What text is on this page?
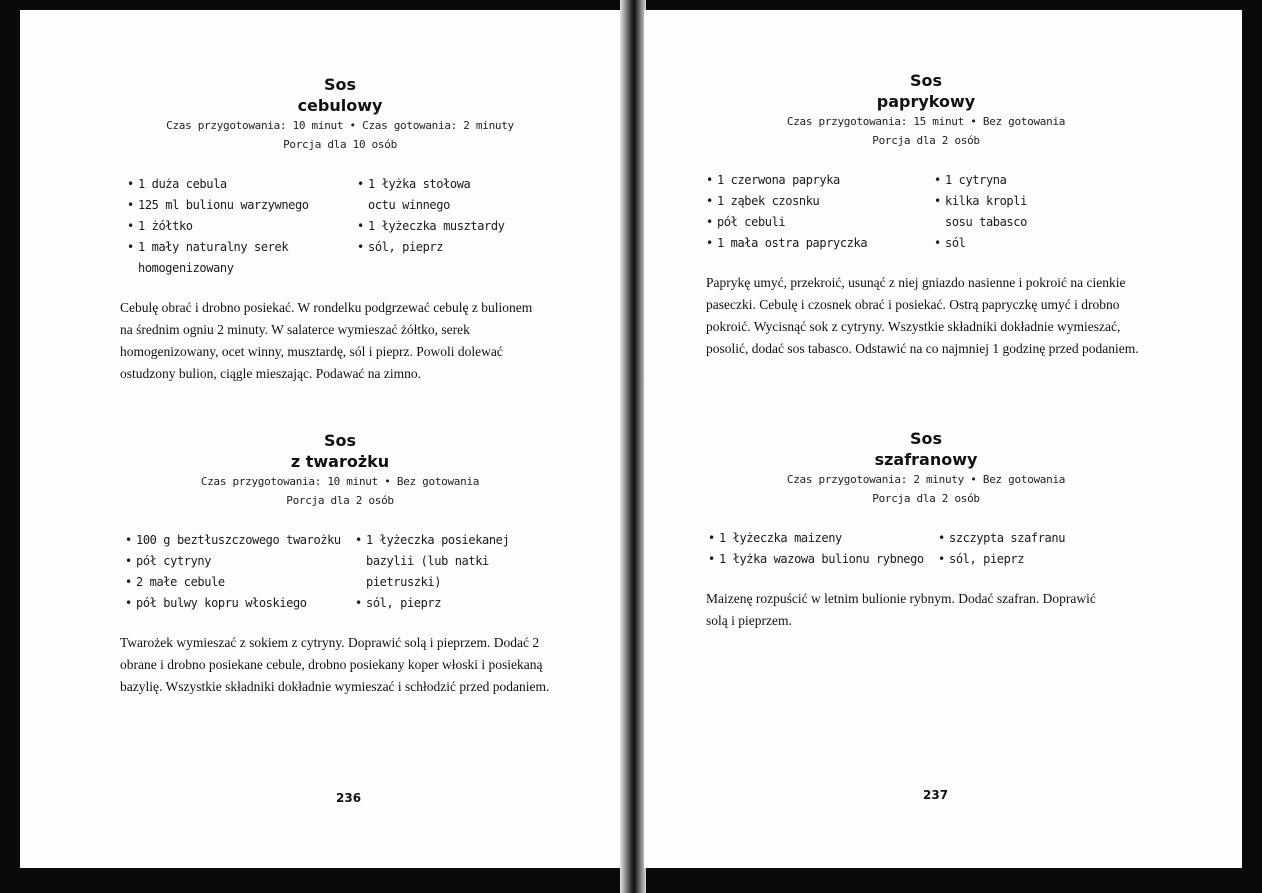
Sos
cebulowy
Czas przygotowania: 10 minut • Czas gotowania: 2 minuty
Porcja dla 10 osób
• 1 duża cebula
• 125 ml bulionu warzywnego
• 1 żółtko
• 1 mały naturalny serek homogenizowany
• 1 łyżka stołowa octu winnego
• 1 łyżeczka musztardy
• sól, pieprz
Cebulę obrać i drobno posiekać. W rondelku podgrzewać cebulę z bulionem na średnim ogniu 2 minuty. W salaterce wymieszać żółtko, serek homogenizowany, ocet winny, musztardę, sól i pieprz. Powoli dolewać ostudzony bulion, ciągle mieszając. Podawać na zimno.
Sos
z twarożku
Czas przygotowania: 10 minut • Bez gotowania
Porcja dla 2 osób
• 100 g beztłuszczowego twarożku
• pół cytryny
• 2 małe cebule
• pół bulwy kopru włoskiego
• 1 łyżeczka posiekanej bazylii (lub natki pietruszki)
• sól, pieprz
Twarożek wymieszać z sokiem z cytryny. Doprawić solą i pieprzem. Dodać 2 obrane i drobno posiekane cebule, drobno posiekany koper włoski i posiekaną bazylię. Wszystkie składniki dokładnie wymieszać i schłodzić przed podaniem.
236
Sos
paprykowy
Czas przygotowania: 15 minut • Bez gotowania
Porcja dla 2 osób
• 1 czerwona papryka
• 1 ząbek czosnku
• pół cebuli
• 1 mała ostra papryczka
• 1 cytryna
• kilka kropli sosu tabasco
• sól
Paprykę umyć, przekroić, usunąć z niej gniazdo nasienne i pokroić na cienkie paseczki. Cebulę i czosnek obrać i posiekać. Ostrą papryczkę umyć i drobno pokroić. Wycisnąć sok z cytryny. Wszystkie składniki dokładnie wymieszać, posolić, dodać sos tabasco. Odstawić na co najmniej 1 godzinę przed podaniem.
Sos
szafranowy
Czas przygotowania: 2 minuty • Bez gotowania
Porcja dla 2 osób
• 1 łyżeczka maizeny
• 1 łyżka wazowa bulionu rybnego
• szczypta szafranu
• sól, pieprz
Maizenę rozpuścić w letnim bulionie rybnym. Dodać szafran. Doprawić solą i pieprzem.
237
